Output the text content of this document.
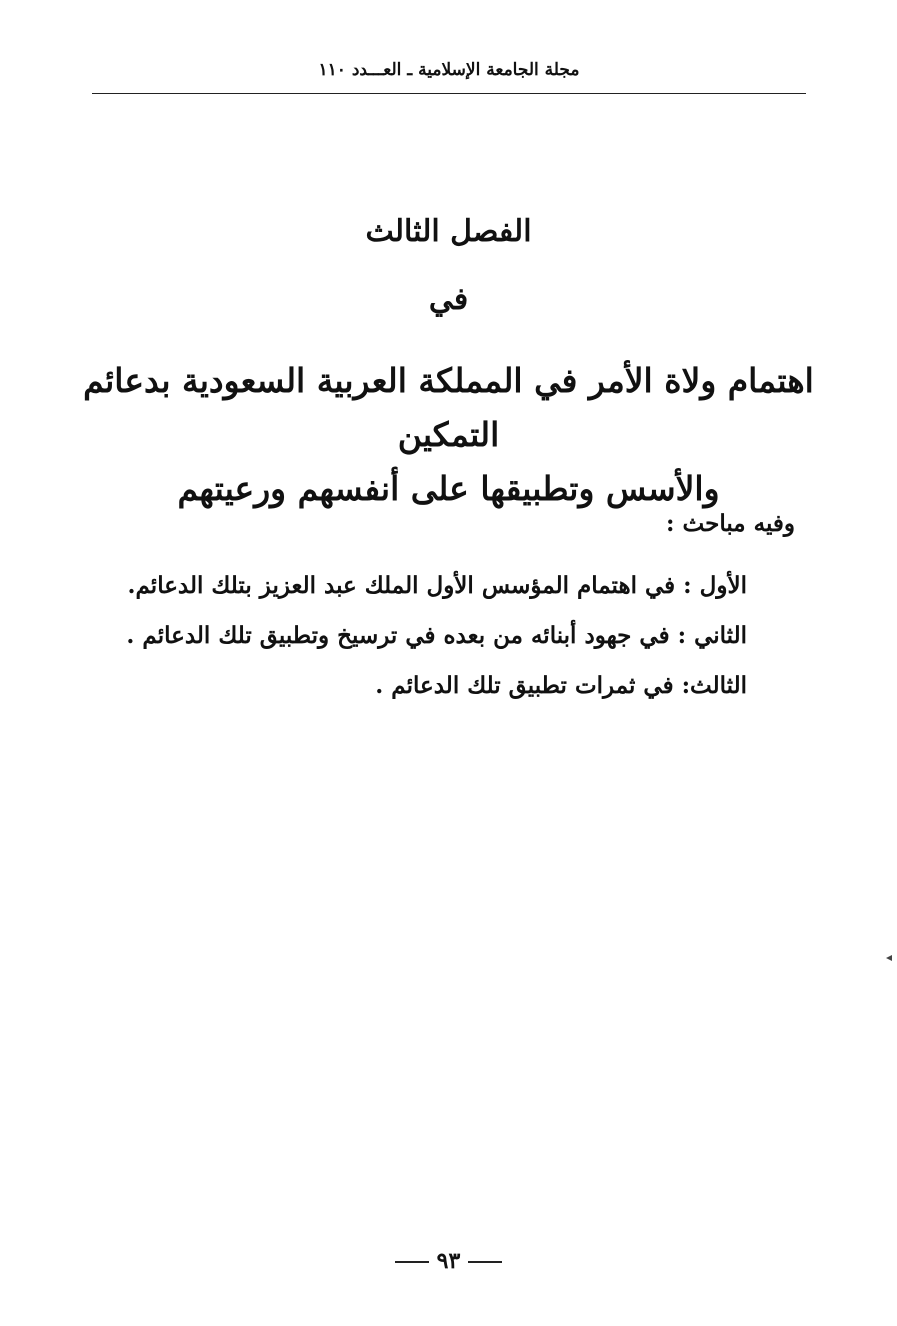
مجلة الجامعة الإسلامية ـ العـــدد ١١٠
الفصل الثالث
في
اهتمام ولاة الأمر في المملكة العربية السعودية بدعائم التمكين
والأسس وتطبيقها على أنفسهم ورعيتهم
وفيه مباحث :
الأول :
في اهتمام المؤسس الأول الملك عبد العزيز بتلك الدعائم.
الثاني :
في جهود أبنائه من بعده في ترسيخ وتطبيق تلك الدعائم .
الثالث:
في ثمرات تطبيق تلك الدعائم .
٩٣
